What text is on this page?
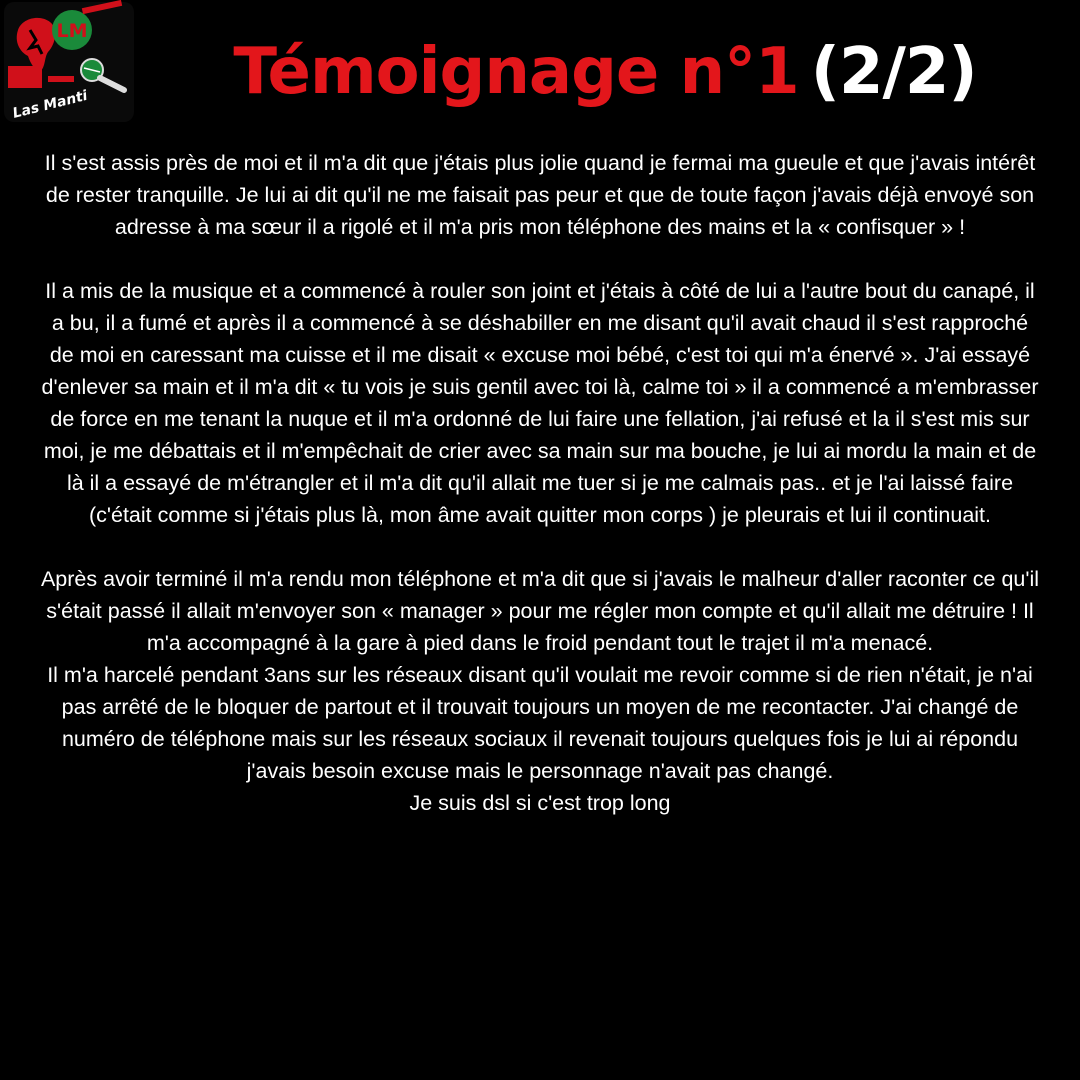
LM
Las Manti	Témoignage n°1 (2/2)

Il s'est assis près de moi et il m'a dit que j'étais plus jolie quand je fermai ma gueule et que j'avais intérêt de rester tranquille. Je lui ai dit qu'il ne me faisait pas peur et que de toute façon j'avais déjà envoyé son adresse à ma sœur il a rigolé et il m'a pris mon téléphone des mains et la « confisquer » !

Il a mis de la musique et a commencé à rouler son joint et j'étais à côté de lui a l'autre bout du canapé, il a bu, il a fumé et après il a commencé à se déshabiller en me disant qu'il avait chaud il s'est rapproché de moi en caressant ma cuisse et il me disait « excuse moi bébé, c'est toi qui m'a énervé ». J'ai essayé d'enlever sa main et il m'a dit « tu vois je suis gentil avec toi là, calme toi » il a commencé a m'embrasser de force en me tenant la nuque et il m'a ordonné de lui faire une fellation, j'ai refusé et la il s'est mis sur moi, je me débattais et il m'empêchait de crier avec sa main sur ma bouche, je lui ai mordu la main et de là il a essayé de m'étrangler et il m'a dit qu'il allait me tuer si je me calmais pas.. et je l'ai laissé faire (c'était comme si j'étais plus là, mon âme avait quitter mon corps ) je pleurais et lui il continuait.

Après avoir terminé il m'a rendu mon téléphone et m'a dit que si j'avais le malheur d'aller raconter ce qu'il s'était passé il allait m'envoyer son « manager » pour me régler mon compte et qu'il allait me détruire ! Il m'a accompagné à la gare à pied dans le froid pendant tout le trajet il m'a menacé.

Il m'a harcelé pendant 3ans sur les réseaux disant qu'il voulait me revoir comme si de rien n'était, je n'ai pas arrêté de le bloquer de partout et il trouvait toujours un moyen de me recontacter. J'ai changé de numéro de téléphone mais sur les réseaux sociaux il revenait toujours quelques fois je lui ai répondu j'avais besoin excuse mais le personnage n'avait pas changé.

Je suis dsl si c'est trop long
